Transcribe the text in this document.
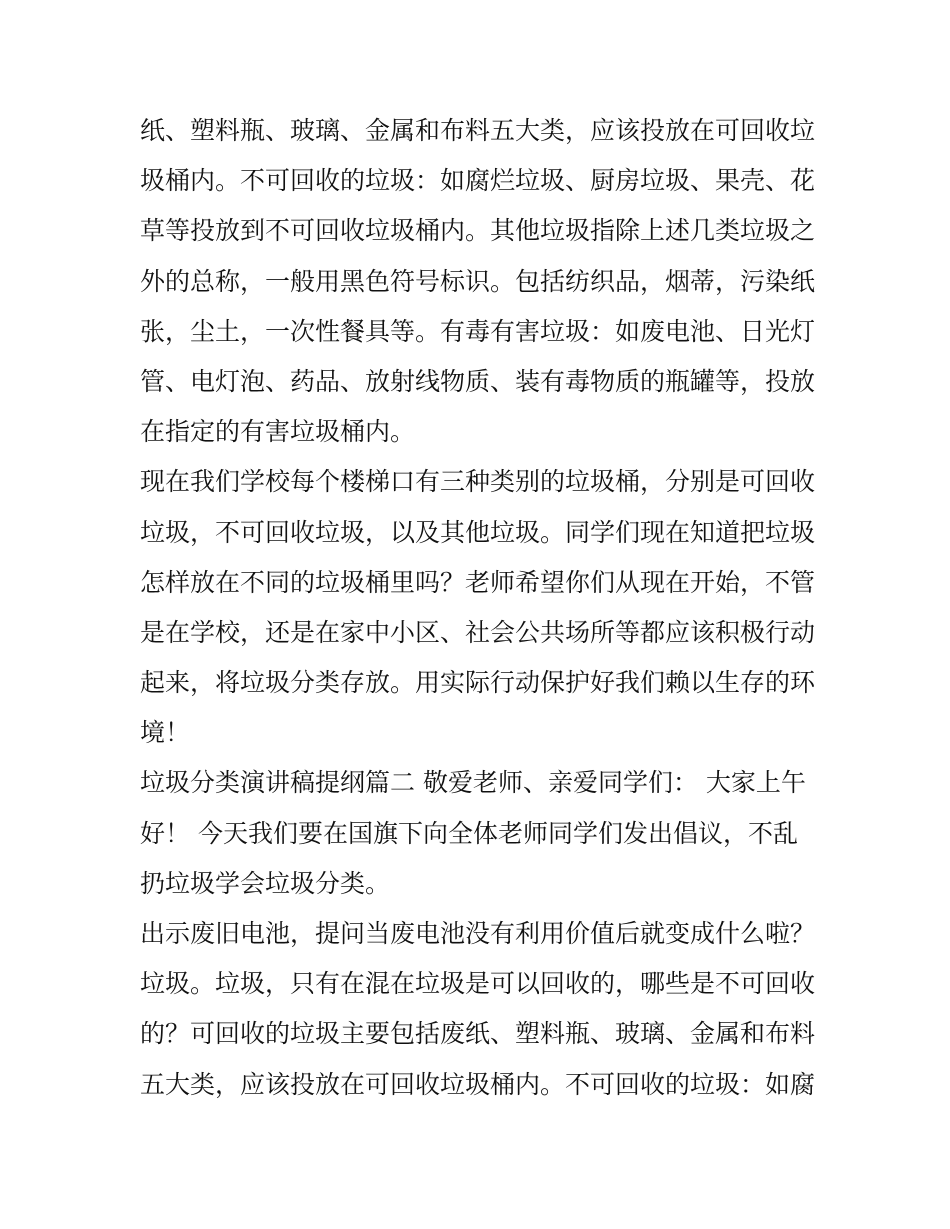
纸、塑料瓶、玻璃、金属和布料五大类，应该投放在可回收垃
圾桶内。不可回收的垃圾：如腐烂垃圾、厨房垃圾、果壳、花
草等投放到不可回收垃圾桶内。其他垃圾指除上述几类垃圾之
外的总称，一般用黑色符号标识。包括纺织品，烟蒂，污染纸
张，尘土，一次性餐具等。有毒有害垃圾：如废电池、日光灯
管、电灯泡、药品、放射线物质、装有毒物质的瓶罐等，投放
在指定的有害垃圾桶内。
现在我们学校每个楼梯口有三种类别的垃圾桶，分别是可回收
垃圾，不可回收垃圾，以及其他垃圾。同学们现在知道把垃圾
怎样放在不同的垃圾桶里吗？老师希望你们从现在开始，不管
是在学校，还是在家中小区、社会公共场所等都应该积极行动
起来，将垃圾分类存放。用实际行动保护好我们赖以生存的环
境！
垃圾分类演讲稿提纲篇二 敬爱老师、亲爱同学们： 大家上午
好！ 今天我们要在国旗下向全体老师同学们发出倡议，不乱
扔垃圾学会垃圾分类。
出示废旧电池，提问当废电池没有利用价值后就变成什么啦？
垃圾。垃圾，只有在混在垃圾是可以回收的，哪些是不可回收
的？可回收的垃圾主要包括废纸、塑料瓶、玻璃、金属和布料
五大类，应该投放在可回收垃圾桶内。不可回收的垃圾：如腐
